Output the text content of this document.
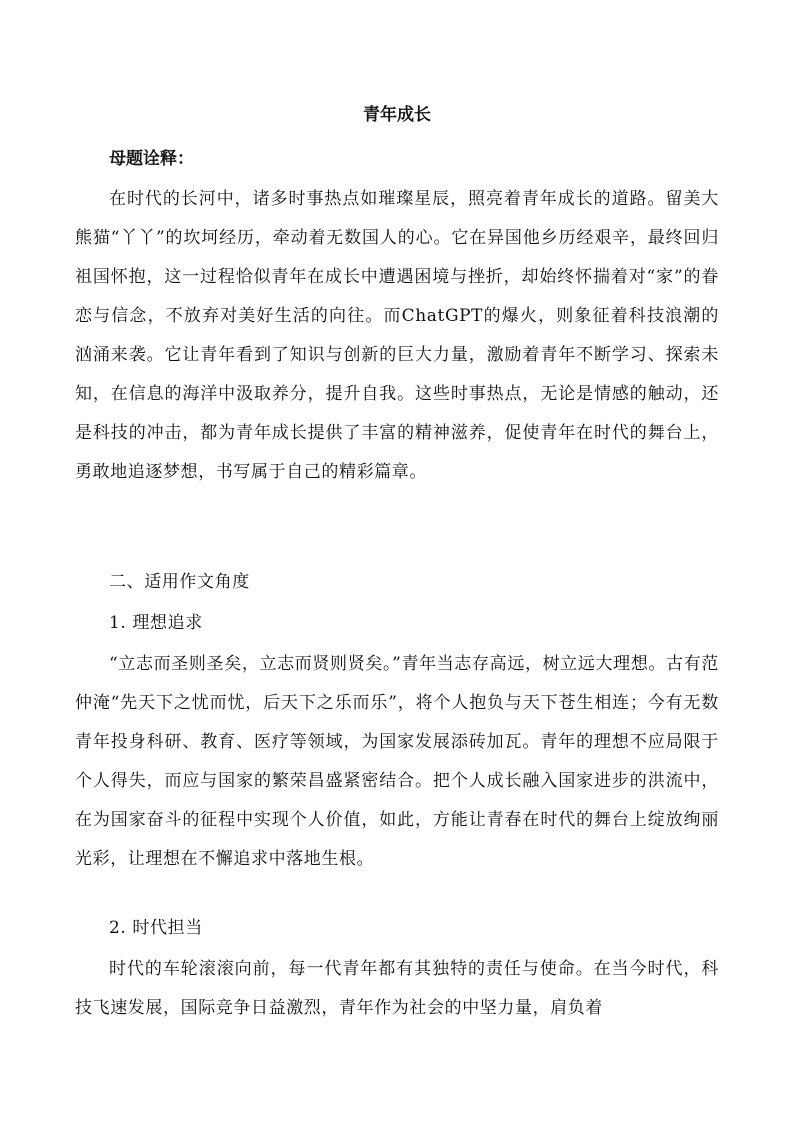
青年成长
母题诠释：

在时代的长河中，诸多时事热点如璀璨星辰，照亮着青年成长的道路。留美大熊猫“丫丫”的坎坷经历，牵动着无数国人的心。它在异国他乡历经艰辛，最终回归祖国怀抱，这一过程恰似青年在成长中遭遇困境与挫折，却始终怀揣着对“家”的眷恋与信念，不放弃对美好生活的向往。而ChatGPT的爆火，则象征着科技浪潮的汹涌来袭。它让青年看到了知识与创新的巨大力量，激励着青年不断学习、探索未知，在信息的海洋中汲取养分，提升自我。这些时事热点，无论是情感的触动，还是科技的冲击，都为青年成长提供了丰富的精神滋养，促使青年在时代的舞台上，勇敢地追逐梦想，书写属于自己的精彩篇章。

二、适用作文角度
1. 理想追求

“立志而圣则圣矣，立志而贤则贤矣。”青年当志存高远，树立远大理想。古有范仲淹“先天下之忧而忧，后天下之乐而乐”，将个人抱负与天下苍生相连；今有无数青年投身科研、教育、医疗等领域，为国家发展添砖加瓦。青年的理想不应局限于个人得失，而应与国家的繁荣昌盛紧密结合。把个人成长融入国家进步的洪流中，在为国家奋斗的征程中实现个人价值，如此，方能让青春在时代的舞台上绽放绚丽光彩，让理想在不懈追求中落地生根。

2. 时代担当

时代的车轮滚滚向前，每一代青年都有其独特的责任与使命。在当今时代，科技飞速发展，国际竞争日益激烈，青年作为社会的中坚力量，肩负着
